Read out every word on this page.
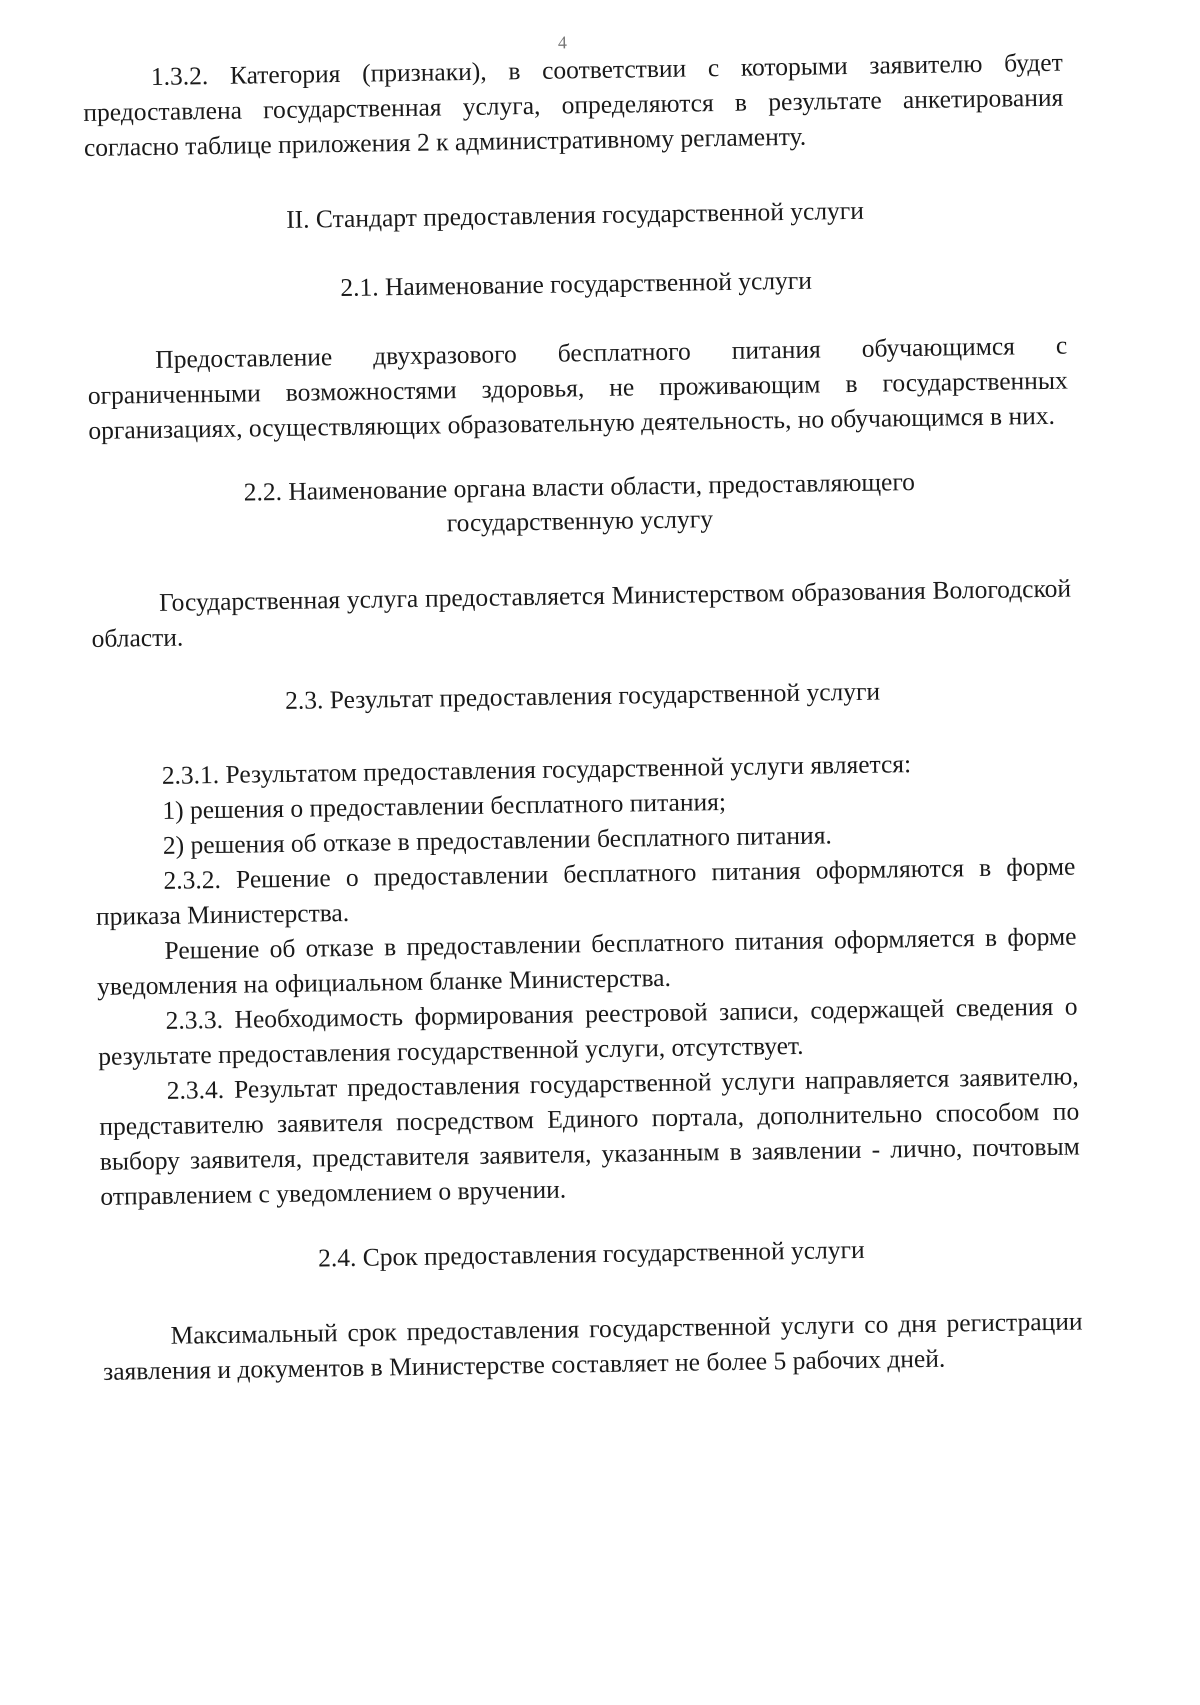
4

1.3.2. Категория (признаки), в соответствии с которыми заявителю будет предоставлена государственная услуга, определяются в результате анкетирования согласно таблице приложения 2 к административному регламенту.

II. Стандарт предоставления государственной услуги

2.1. Наименование государственной услуги

Предоставление двухразового бесплатного питания обучающимся с ограниченными возможностями здоровья, не проживающим в государственных организациях, осуществляющих образовательную деятельность, но обучающимся в них.

2.2. Наименование органа власти области, предоставляющего
государственную услугу

Государственная услуга предоставляется Министерством образования Вологодской области.

2.3. Результат предоставления государственной услуги

2.3.1. Результатом предоставления государственной услуги является:

1) решения о предоставлении бесплатного питания;

2) решения об отказе в предоставлении бесплатного питания.

2.3.2. Решение о предоставлении бесплатного питания оформляются в форме приказа Министерства.

Решение об отказе в предоставлении бесплатного питания оформляется в форме уведомления на официальном бланке Министерства.

2.3.3. Необходимость формирования реестровой записи, содержащей сведения о результате предоставления государственной услуги, отсутствует.

2.3.4. Результат предоставления государственной услуги направляется заявителю, представителю заявителя посредством Единого портала, дополнительно способом по выбору заявителя, представителя заявителя, указанным в заявлении - лично, почтовым отправлением с уведомлением о вручении.

2.4. Срок предоставления государственной услуги

Максимальный срок предоставления государственной услуги со дня регистрации заявления и документов в Министерстве составляет не более 5 рабочих дней.
